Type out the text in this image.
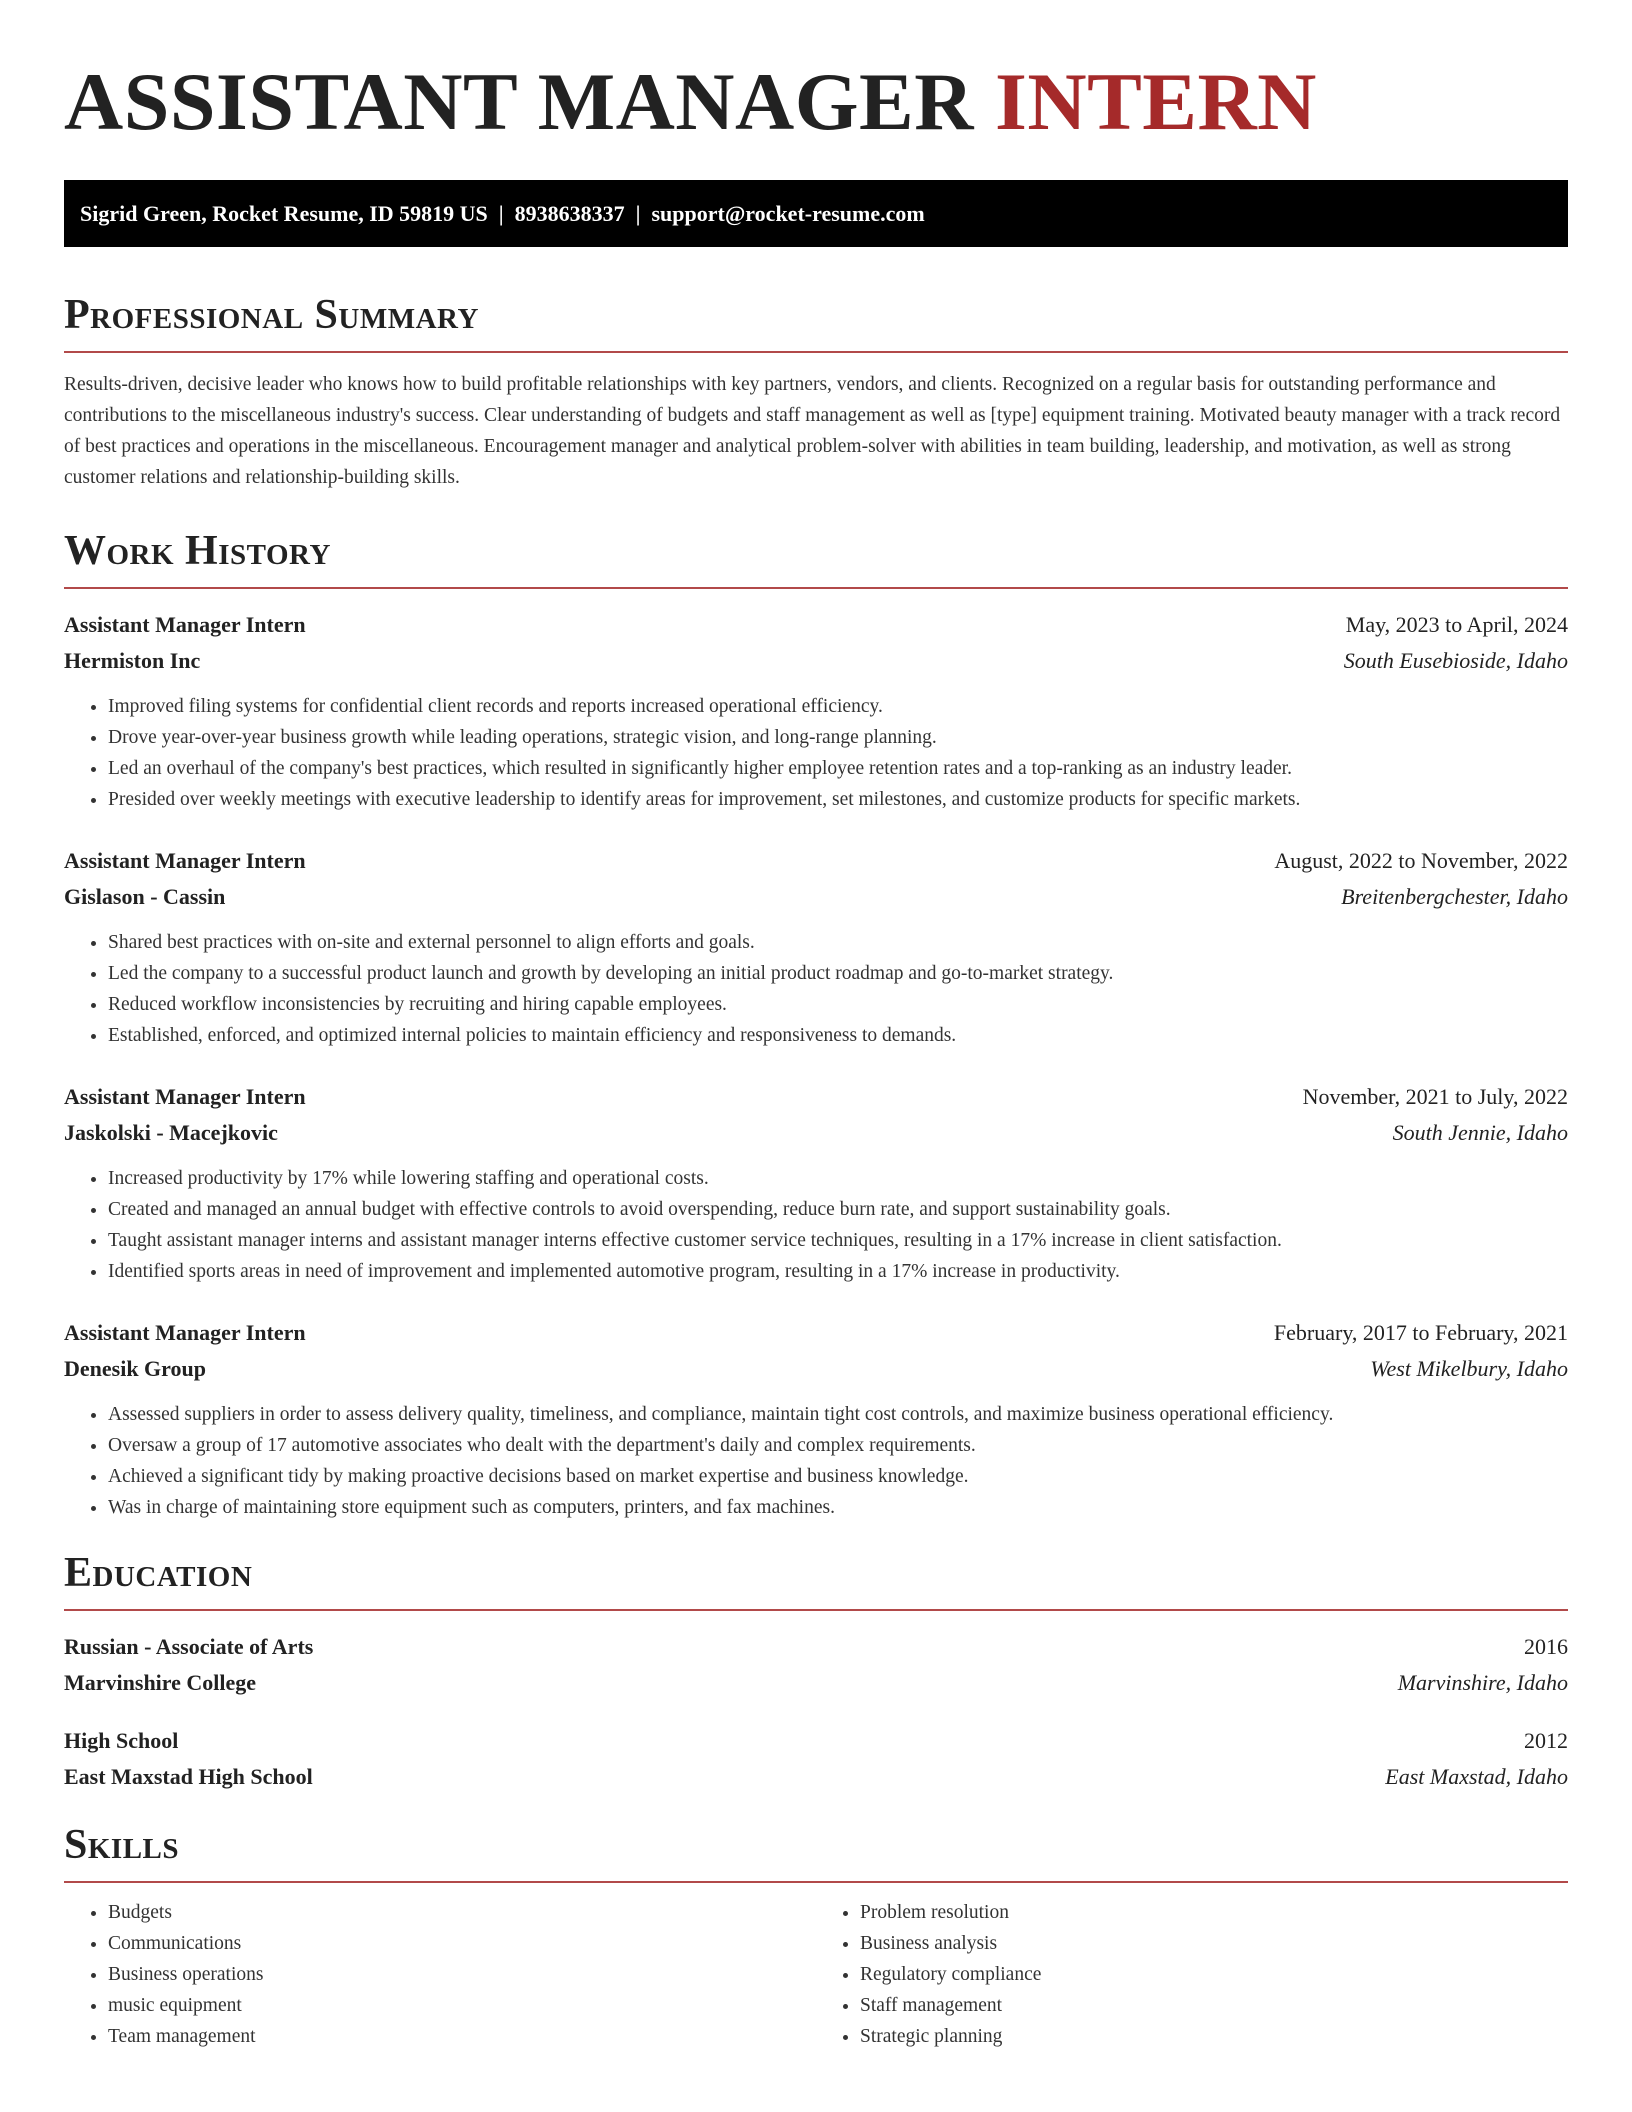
ASSISTANT MANAGER INTERN
Sigrid Green, Rocket Resume, ID 59819 US  |  8938638337  |  support@rocket-resume.com
Professional Summary
Results-driven, decisive leader who knows how to build profitable relationships with key partners, vendors, and clients. Recognized on a regular basis for outstanding performance and contributions to the miscellaneous industry's success. Clear understanding of budgets and staff management as well as [type] equipment training. Motivated beauty manager with a track record of best practices and operations in the miscellaneous. Encouragement manager and analytical problem-solver with abilities in team building, leadership, and motivation, as well as strong customer relations and relationship-building skills.
Work History
Assistant Manager Intern	May, 2023 to April, 2024
Hermiston Inc	South Eusebioside, Idaho
• Improved filing systems for confidential client records and reports increased operational efficiency.
• Drove year-over-year business growth while leading operations, strategic vision, and long-range planning.
• Led an overhaul of the company's best practices, which resulted in significantly higher employee retention rates and a top-ranking as an industry leader.
• Presided over weekly meetings with executive leadership to identify areas for improvement, set milestones, and customize products for specific markets.
Assistant Manager Intern	August, 2022 to November, 2022
Gislason - Cassin	Breitenbergchester, Idaho
• Shared best practices with on-site and external personnel to align efforts and goals.
• Led the company to a successful product launch and growth by developing an initial product roadmap and go-to-market strategy.
• Reduced workflow inconsistencies by recruiting and hiring capable employees.
• Established, enforced, and optimized internal policies to maintain efficiency and responsiveness to demands.
Assistant Manager Intern	November, 2021 to July, 2022
Jaskolski - Macejkovic	South Jennie, Idaho
• Increased productivity by 17% while lowering staffing and operational costs.
• Created and managed an annual budget with effective controls to avoid overspending, reduce burn rate, and support sustainability goals.
• Taught assistant manager interns and assistant manager interns effective customer service techniques, resulting in a 17% increase in client satisfaction.
• Identified sports areas in need of improvement and implemented automotive program, resulting in a 17% increase in productivity.
Assistant Manager Intern	February, 2017 to February, 2021
Denesik Group	West Mikelbury, Idaho
• Assessed suppliers in order to assess delivery quality, timeliness, and compliance, maintain tight cost controls, and maximize business operational efficiency.
• Oversaw a group of 17 automotive associates who dealt with the department's daily and complex requirements.
• Achieved a significant tidy by making proactive decisions based on market expertise and business knowledge.
• Was in charge of maintaining store equipment such as computers, printers, and fax machines.
Education
Russian - Associate of Arts	2016
Marvinshire College	Marvinshire, Idaho
High School	2012
East Maxstad High School	East Maxstad, Idaho
Skills
• Budgets
• Communications
• Business operations
• music equipment
• Team management
• Problem resolution
• Business analysis
• Regulatory compliance
• Staff management
• Strategic planning
